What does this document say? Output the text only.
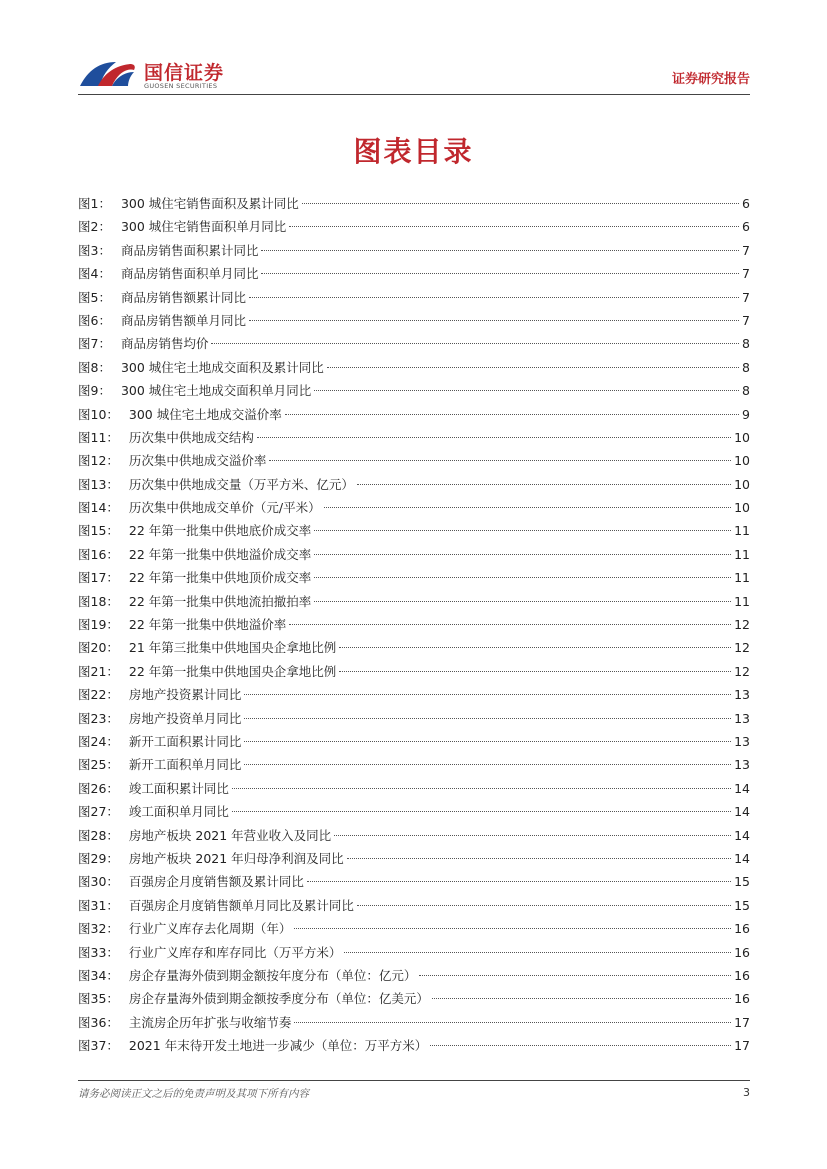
国信证券
GUOSEN SECURITIES	证券研究报告
图表目录
图1： 300 城住宅销售面积及累计同比	6
图2： 300 城住宅销售面积单月同比	6
图3： 商品房销售面积累计同比	7
图4： 商品房销售面积单月同比	7
图5： 商品房销售额累计同比	7
图6： 商品房销售额单月同比	7
图7： 商品房销售均价	8
图8： 300 城住宅土地成交面积及累计同比	8
图9： 300 城住宅土地成交面积单月同比	8
图10： 300 城住宅土地成交溢价率	9
图11： 历次集中供地成交结构	10
图12： 历次集中供地成交溢价率	10
图13： 历次集中供地成交量（万平方米、亿元）	10
图14： 历次集中供地成交单价（元/平米）	10
图15： 22 年第一批集中供地底价成交率	11
图16： 22 年第一批集中供地溢价成交率	11
图17： 22 年第一批集中供地顶价成交率	11
图18： 22 年第一批集中供地流拍撤拍率	11
图19： 22 年第一批集中供地溢价率	12
图20： 21 年第三批集中供地国央企拿地比例	12
图21： 22 年第一批集中供地国央企拿地比例	12
图22： 房地产投资累计同比	13
图23： 房地产投资单月同比	13
图24： 新开工面积累计同比	13
图25： 新开工面积单月同比	13
图26： 竣工面积累计同比	14
图27： 竣工面积单月同比	14
图28： 房地产板块 2021 年营业收入及同比	14
图29： 房地产板块 2021 年归母净利润及同比	14
图30： 百强房企月度销售额及累计同比	15
图31： 百强房企月度销售额单月同比及累计同比	15
图32： 行业广义库存去化周期（年）	16
图33： 行业广义库存和库存同比（万平方米）	16
图34： 房企存量海外债到期金额按年度分布（单位：亿元）	16
图35： 房企存量海外债到期金额按季度分布（单位：亿美元）	16
图36： 主流房企历年扩张与收缩节奏	17
图37： 2021 年末待开发土地进一步减少（单位：万平方米）	17
请务必阅读正文之后的免责声明及其项下所有内容	3
